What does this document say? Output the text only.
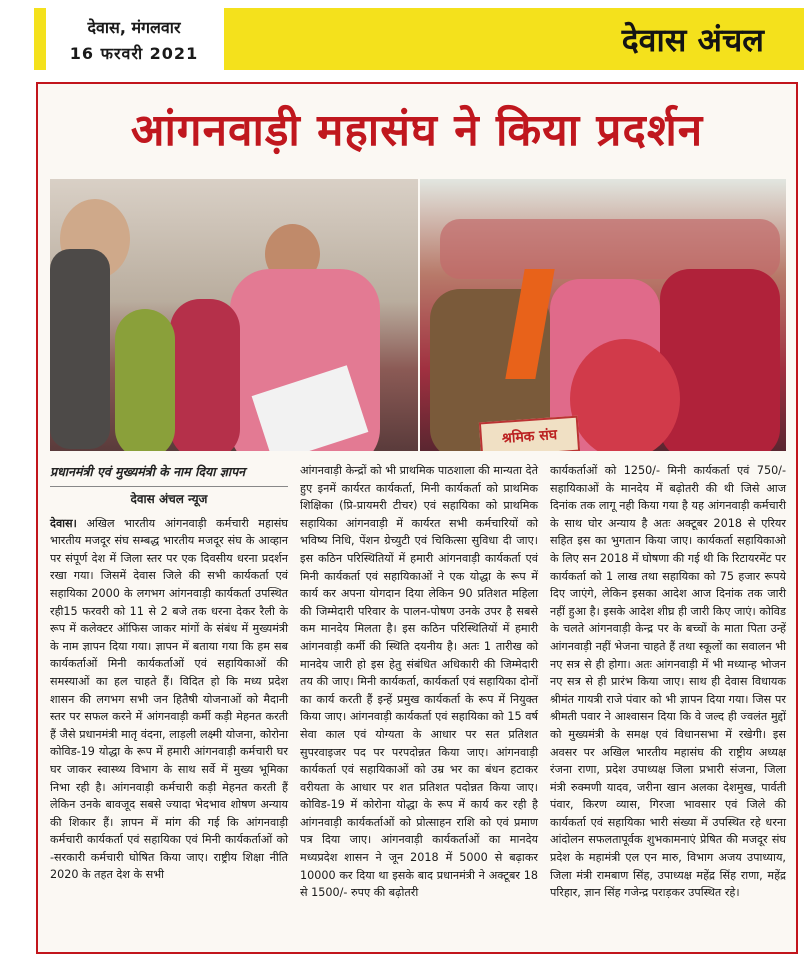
देवास, मंगलवार
16 फरवरी 2021	देवास अंचल
आंगनवाड़ी महासंघ ने किया प्रदर्शन
श्रमिक संघ
प्रधानमंत्री एवं मुख्यमंत्री के नाम दिया ज्ञापन
देवास अंचल न्यूज

देवास। अखिल भारतीय आंगनवाड़ी कर्मचारी महासंघ भारतीय मजदूर संघ सम्बद्ध भारतीय मजदूर संघ के आव्हान पर संपूर्ण देश में जिला स्तर पर एक दिवसीय धरना प्रदर्शन रखा गया। जिसमें देवास जिले की सभी कार्यकर्ता एवं सहायिका 2000 के लगभग आंगनवाड़ी कार्यकर्ता उपस्थित रही15 फरवरी को 11 से 2 बजे तक धरना देकर रैली के रूप में कलेक्टर ऑफिस जाकर मांगों के संबंध में मुख्यमंत्री के नाम ज्ञापन दिया गया। ज्ञापन में बताया गया कि हम सब कार्यकर्ताओं मिनी कार्यकर्ताओं एवं सहायिकाओं की समस्याओं का हल चाहते हैं। विदित हो कि मध्य प्रदेश शासन की लगभग सभी जन हितैषी योजनाओं को मैदानी स्तर पर सफल करने में आंगनवाड़ी कर्मी कड़ी मेहनत करती हैं जैसे प्रधानमंत्री मातृ वंदना, लाड़ली लक्ष्मी योजना, कोरोना कोविड-19 योद्धा के रूप में हमारी आंगनवाड़ी कर्मचारी घर घर जाकर स्वास्थ्य विभाग के साथ सर्वे में मुख्य भूमिका निभा रही है। आंगनवाड़ी कर्मचारी कड़ी मेहनत करती हैं लेकिन उनके बावजूद सबसे ज्यादा भेदभाव शोषण अन्याय की शिकार हैं। ज्ञापन में मांग की गई कि आंगनवाड़ी कर्मचारी कार्यकर्ता एवं सहायिका एवं मिनी कार्यकर्ताओं को -सरकारी कर्मचारी घोषित किया जाए। राष्ट्रीय शिक्षा नीति 2020 के तहत देश के सभी

आंगनवाड़ी केन्द्रों को भी प्राथमिक पाठशाला की मान्यता देते हुए इनमें कार्यरत कार्यकर्ता, मिनी कार्यकर्ता को प्राथमिक शिक्षिका (प्रि-प्रायमरी टीचर) एवं सहायिका को प्राथमिक सहायिका आंगनवाड़ी में कार्यरत सभी कर्मचारियों को भविष्य निधि, पेंशन ग्रेच्युटी एवं चिकित्सा सुविधा दी जाए। इस कठिन परिस्थितियों में हमारी आंगनवाड़ी कार्यकर्ता एवं मिनी कार्यकर्ता एवं सहायिकाओं ने एक योद्धा के रूप में कार्य कर अपना योगदान दिया लेकिन 90 प्रतिशत महिला की जिम्मेदारी परिवार के पालन-पोषण उनके उपर है सबसे कम मानदेय मिलता है। इस कठिन परिस्थितियों में हमारी आंगनवाड़ी कर्मी की स्थिति दयनीय है। अतः 1 तारीख को मानदेय जारी हो इस हेतु संबंधित अधिकारी की जिम्मेदारी तय की जाए। मिनी कार्यकर्ता, कार्यकर्ता एवं सहायिका दोनों का कार्य करती हैं इन्हें प्रमुख कार्यकर्ता के रूप में नियुक्त किया जाए। आंगनवाड़ी कार्यकर्ता एवं सहायिका को 15 वर्ष सेवा काल एवं योग्यता के आधार पर सत प्रतिशत सुपरवाइजर पद पर परपदोन्नत किया जाए। आंगनवाड़ी कार्यकर्ता एवं सहायिकाओं को उम्र भर का बंधन हटाकर वरीयता के आधार पर शत प्रतिशत पदोन्नत किया जाए। कोविड-19 में कोरोना योद्धा के रूप में कार्य कर रही है आंगनवाड़ी कार्यकर्ताओं को प्रोत्साहन राशि को एवं प्रमाण पत्र दिया जाए। आंगनवाड़ी कार्यकर्ताओं का मानदेय मध्यप्रदेश शासन ने जून 2018 में 5000 से बढ़ाकर 10000 कर दिया था इसके बाद प्रधानमंत्री ने अक्टूबर 18 से 1500/- रुपए की बढ़ोतरी

कार्यकर्ताओं को 1250/- मिनी कार्यकर्ता एवं 750/- सहायिकाओं के मानदेय में बढ़ोतरी की थी जिसे आज दिनांक तक लागू नही किया गया है यह आंगनवाड़ी कर्मचारी के साथ घोर अन्याय है अतः अक्टूबर 2018 से एरियर सहित इस का भुगतान किया जाए। कार्यकर्ता सहायिकाओ के लिए सन 2018 में घोषणा की गई थी कि रिटायरमेंट पर कार्यकर्ता को 1 लाख तथा सहायिका को 75 हजार रूपये दिए जाएंगे, लेकिन इसका आदेश आज दिनांक तक जारी नहीं हुआ है। इसके आदेश शीघ्र ही जारी किए जाएं। कोविड के चलते आंगनवाड़ी केन्द्र पर के बच्चों के माता पिता उन्हें आंगनवाड़ी नहीं भेजना चाहते हैं तथा स्कूलों का सवालन भी नए सत्र से ही होगा। अतः आंगनवाड़ी में भी मध्यान्ह भोजन नए सत्र से ही प्रारंभ किया जाए। साथ ही देवास विधायक श्रीमंत गायत्री राजे पंवार को भी ज्ञापन दिया गया। जिस पर श्रीमती पवार ने आश्वासन दिया कि वे जल्द ही ज्वलंत मुद्दों को मुख्यमंत्री के समक्ष एवं विधानसभा में रखेगी। इस अवसर पर अखिल भारतीय महासंघ की राष्ट्रीय अध्यक्ष रंजना राणा, प्रदेश उपाध्यक्ष जिला प्रभारी संजना, जिला मंत्री रुक्मणी यादव, जरीना खान अलका देशमुख, पार्वती पंवार, किरण व्यास, गिरजा भावसार एवं जिले की कार्यकर्ता एवं सहायिका भारी संख्या में उपस्थित रहे धरना आंदोलन सफलतापूर्वक शुभकामनाएं प्रेषित की मजदूर संघ प्रदेश के महामंत्री एल एन मारु, विभाग अजय उपाध्याय, जिला मंत्री रामबाण सिंह, उपाध्यक्ष महेंद्र सिंह राणा, महेंद्र परिहार, ज्ञान सिंह गजेन्द्र पराड़कर उपस्थित रहे।
